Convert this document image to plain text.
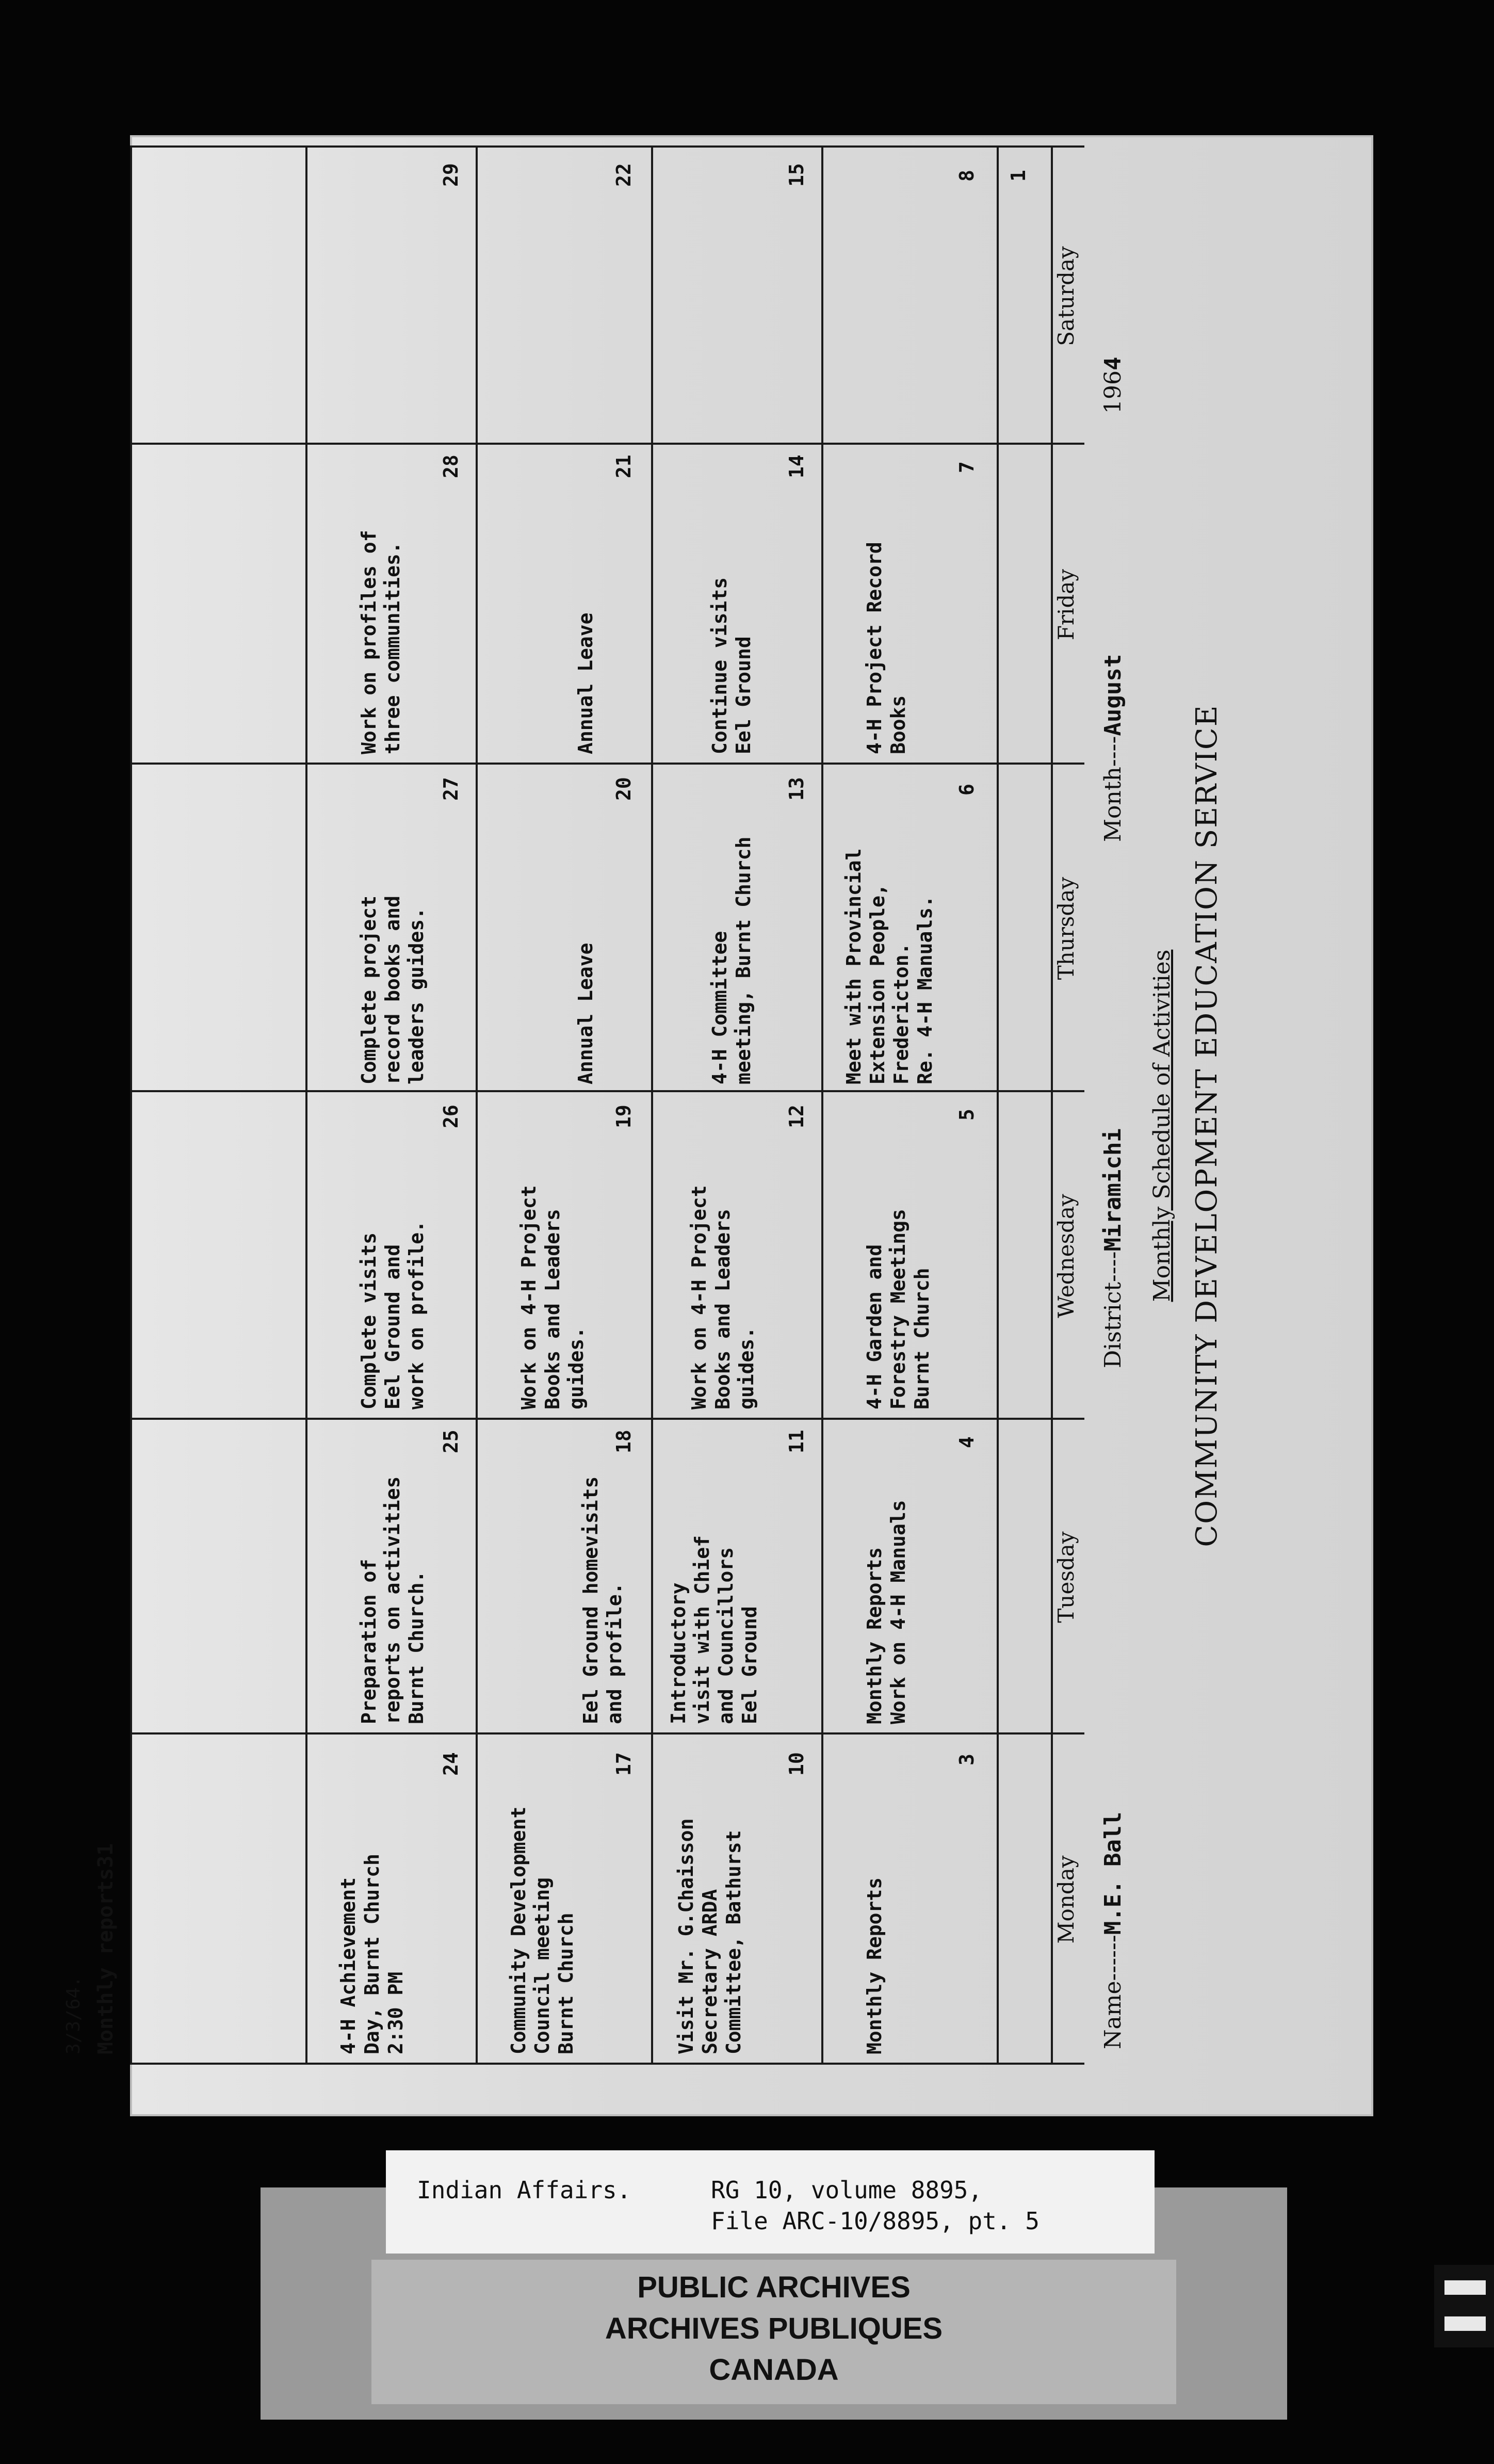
COMMUNITY DEVELOPMENT EDUCATION SERVICE
Monthly Schedule of Activities
Name------M.E. Ball
District----Miramichi
Month----August
1964
Monday
Tuesday
Wednesday
Thursday
Friday
Saturday
1
3
4
5
6
7
8
Monthly Reports
Monthly Reports
Work on 4-H Manuals
4-H Garden and
Forestry Meetings
Burnt Church
Meet with Provincial
Extension People,
Fredericton.
Re. 4-H Manuals.
4-H Project Record
Books
10
11
12
13
14
15
Visit Mr. G.Chaisson
Secretary ARDA
Committee, Bathurst
Introductory
visit with Chief
and Councillors
Eel Ground
Work on 4-H Project
Books and Leaders
guides.
4-H Committee
meeting, Burnt Church
Continue visits
Eel Ground
17
18
19
20
21
22
Community Development
Council meeting
Burnt Church
Eel Ground homevisits
and profile.
Work on 4-H Project
Books and Leaders
guides.
Annual Leave
Annual Leave
24
25
26
27
28
29
4-H Achievement
Day, Burnt Church
2:30 PM
Preparation of
reports on activities
Burnt Church.
Complete visits
Eel Ground and
work on profile.
Complete project
record books and
leaders guides.
Work on profiles of
three communities.
Monthly reports31
3/3/64.
PUBLIC ARCHIVES
ARCHIVES PUBLIQUES
CANADA
Indian Affairs.	RG 10, volume 8895,
File ARC-10/8895, pt. 5
